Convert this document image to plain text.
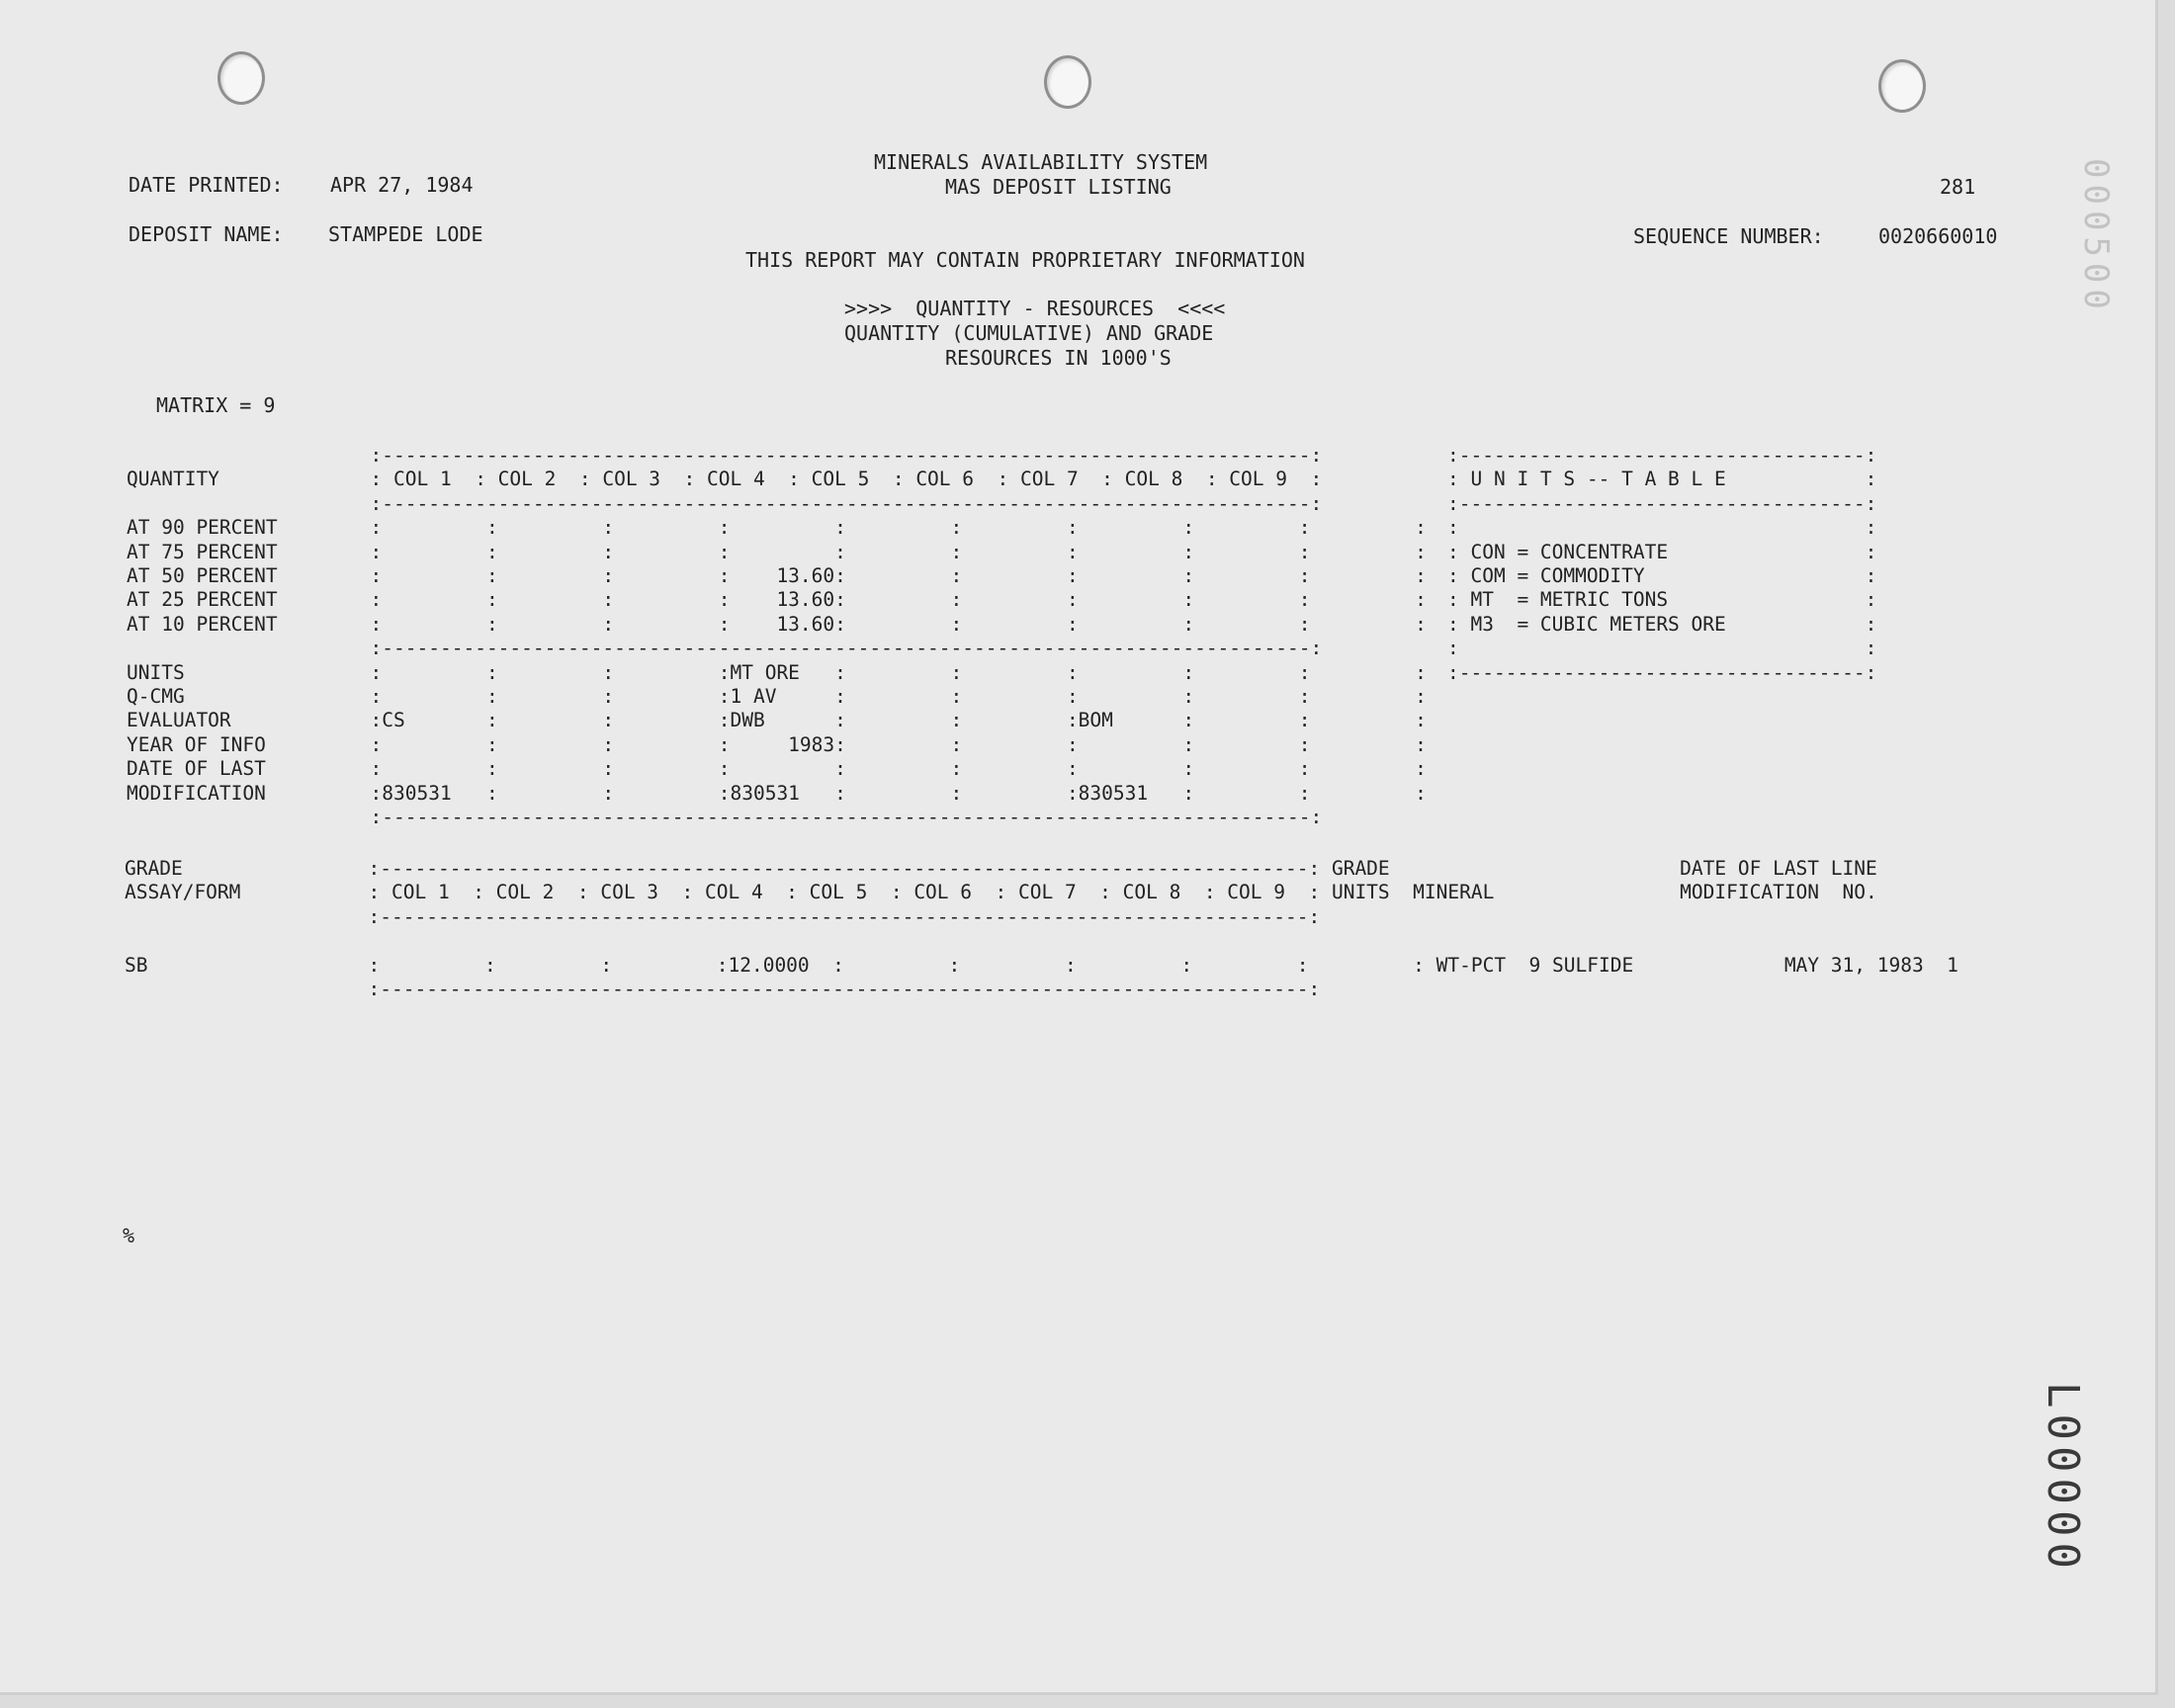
MINERALS AVAILABILITY SYSTEM
MAS DEPOSIT LISTING
DATE PRINTED: APR 27, 1984	281
DEPOSIT NAME: STAMPEDE LODE	SEQUENCE NUMBER:	0020660010
THIS REPORT MAY CONTAIN PROPRIETARY INFORMATION
>>>>  QUANTITY - RESOURCES  <<<<
QUANTITY (CUMULATIVE) AND GRADE
RESOURCES IN 1000'S
MATRIX = 9
:--------------------------------------------------------------------------------:
QUANTITY             : COL 1  : COL 2  : COL 3  : COL 4  : COL 5  : COL 6  : COL 7  : COL 8  : COL 9  :
:--------------------------------------------------------------------------------:
AT 90 PERCENT        :         :         :         :         :         :         :         :         :         :
AT 75 PERCENT        :         :         :         :         :         :         :         :         :         :
AT 50 PERCENT        :         :         :         :    13.60:         :         :         :         :         :
AT 25 PERCENT        :         :         :         :    13.60:         :         :         :         :         :
AT 10 PERCENT        :         :         :         :    13.60:         :         :         :         :         :
:--------------------------------------------------------------------------------:
UNITS                :         :         :         :MT ORE   :         :         :         :         :         :
Q-CMG                :         :         :         :1 AV     :         :         :         :         :         :
EVALUATOR            :CS       :         :         :DWB      :         :         :BOM      :         :         :
YEAR OF INFO         :         :         :         :     1983:         :         :         :         :         :
DATE OF LAST         :         :         :         :         :         :         :         :         :         :
MODIFICATION         :830531   :         :         :830531   :         :         :830531   :         :         :
:--------------------------------------------------------------------------------:
:-----------------------------------:
: U N I T S -- T A B L E            :
:-----------------------------------:
:                                   :
: CON = CONCENTRATE                 :
: COM = COMMODITY                   :
: MT  = METRIC TONS                 :
: M3  = CUBIC METERS ORE            :
:                                   :
:-----------------------------------:
GRADE                :--------------------------------------------------------------------------------: GRADE                         DATE OF LAST LINE
ASSAY/FORM           : COL 1  : COL 2  : COL 3  : COL 4  : COL 5  : COL 6  : COL 7  : COL 8  : COL 9  : UNITS  MINERAL                MODIFICATION  NO.
:--------------------------------------------------------------------------------:

SB                   :         :         :         :12.0000  :         :         :         :         :         : WT-PCT  9 SULFIDE             MAY 31, 1983  1
:--------------------------------------------------------------------------------:
%
L00000
000500
